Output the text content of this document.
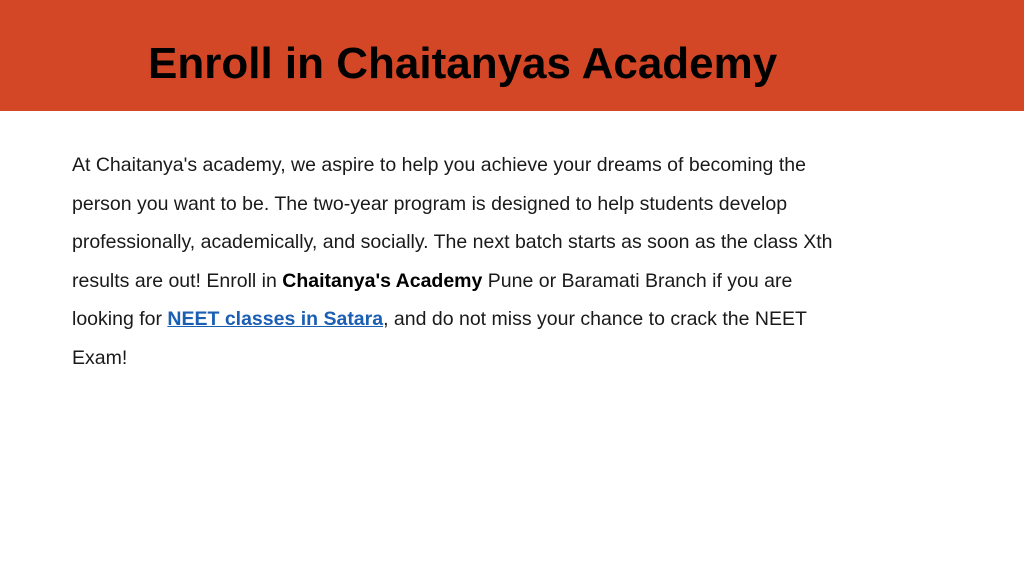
Enroll in Chaitanyas Academy

At Chaitanya's academy, we aspire to help you achieve your dreams of becoming the
person you want to be. The two-year program is designed to help students develop
professionally, academically, and socially. The next batch starts as soon as the class Xth
results are out! Enroll in Chaitanya's Academy Pune or Baramati Branch if you are
looking for NEET classes in Satara, and do not miss your chance to crack the NEET
Exam!
